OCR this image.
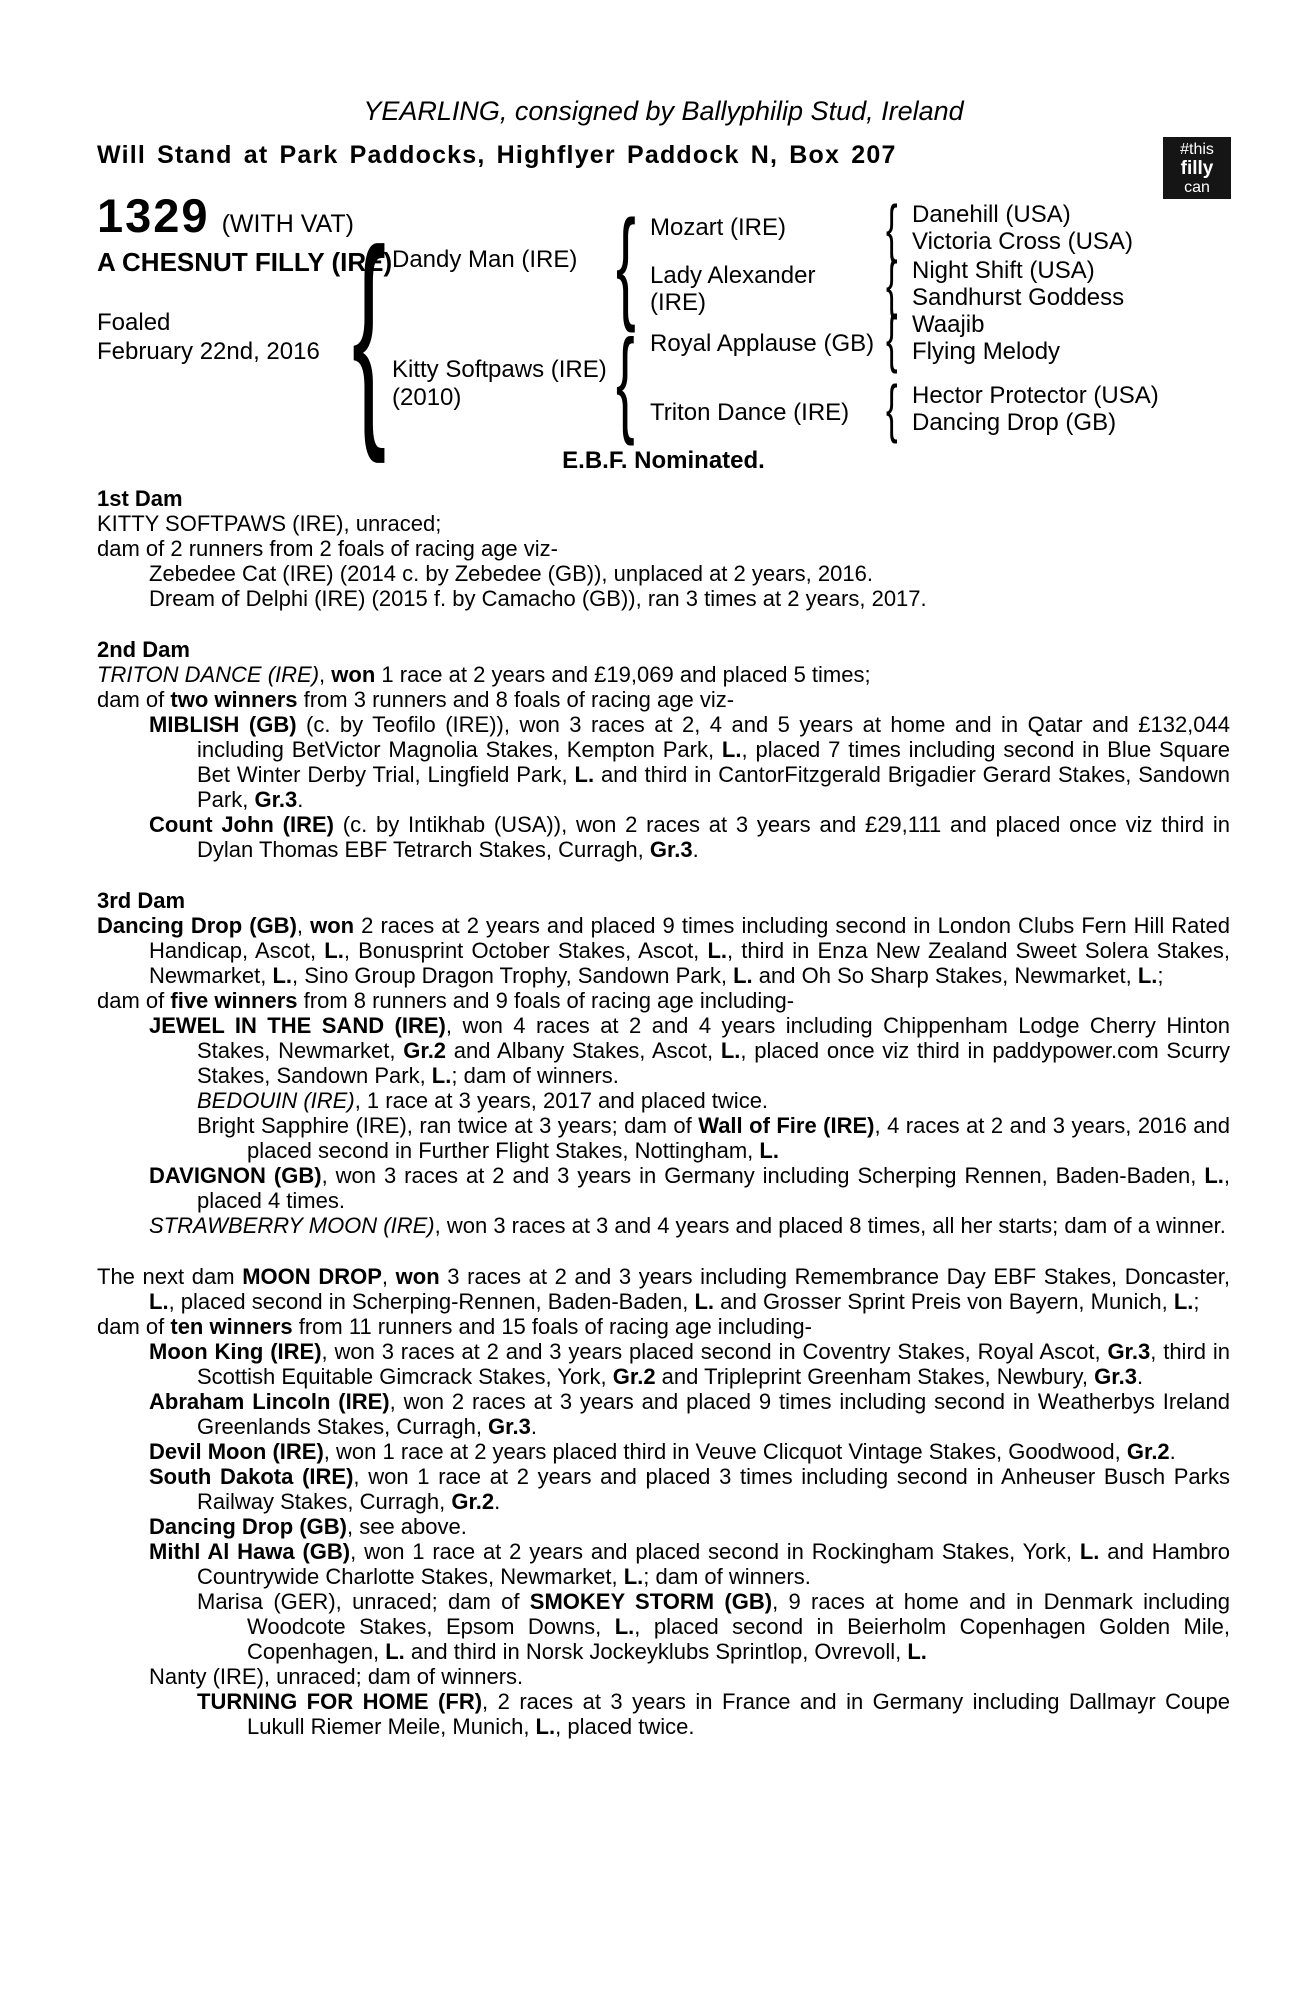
YEARLING, consigned by Ballyphilip Stud, Ireland
Will Stand at Park Paddocks, Highflyer Paddock N, Box 207	#this
filly
can
1329 (WITH VAT)
A CHESNUT FILLY (IRE)
Foaled
February 22nd, 2016 { Dandy Man (IRE)
Kitty Softpaws (IRE)
(2010)
{
{
Mozart (IRE)
Lady Alexander (IRE)
Royal Applause (GB)
Triton Dance (IRE)
{
{
{
{
Danehill (USA)
Victoria Cross (USA)
Night Shift (USA)
Sandhurst Goddess
Waajib
Flying Melody
Hector Protector (USA)
Dancing Drop (GB)
E.B.F. Nominated.
1st Dam

KITTY SOFTPAWS (IRE), unraced;

dam of 2 runners from 2 foals of racing age viz-

Zebedee Cat (IRE) (2014 c. by Zebedee (GB)), unplaced at 2 years, 2016.

Dream of Delphi (IRE) (2015 f. by Camacho (GB)), ran 3 times at 2 years, 2017.

2nd Dam

TRITON DANCE (IRE), won 1 race at 2 years and £19,069 and placed 5 times;

dam of two winners from 3 runners and 8 foals of racing age viz-

MIBLISH (GB) (c. by Teofilo (IRE)), won 3 races at 2, 4 and 5 years at home and in Qatar and £132,044 including BetVictor Magnolia Stakes, Kempton Park, L., placed 7 times including second in Blue Square Bet Winter Derby Trial, Lingfield Park, L. and third in CantorFitzgerald Brigadier Gerard Stakes, Sandown Park, Gr.3.

Count John (IRE) (c. by Intikhab (USA)), won 2 races at 3 years and £29,111 and placed once viz third in Dylan Thomas EBF Tetrarch Stakes, Curragh, Gr.3.

3rd Dam

Dancing Drop (GB), won 2 races at 2 years and placed 9 times including second in London Clubs Fern Hill Rated Handicap, Ascot, L., Bonusprint October Stakes, Ascot, L., third in Enza New Zealand Sweet Solera Stakes, Newmarket, L., Sino Group Dragon Trophy, Sandown Park, L. and Oh So Sharp Stakes, Newmarket, L.;

dam of five winners from 8 runners and 9 foals of racing age including-

JEWEL IN THE SAND (IRE), won 4 races at 2 and 4 years including Chippenham Lodge Cherry Hinton Stakes, Newmarket, Gr.2 and Albany Stakes, Ascot, L., placed once viz third in paddypower.com Scurry Stakes, Sandown Park, L.; dam of winners.

BEDOUIN (IRE), 1 race at 3 years, 2017 and placed twice.

Bright Sapphire (IRE), ran twice at 3 years; dam of Wall of Fire (IRE), 4 races at 2 and 3 years, 2016 and placed second in Further Flight Stakes, Nottingham, L.

DAVIGNON (GB), won 3 races at 2 and 3 years in Germany including Scherping Rennen, Baden-Baden, L., placed 4 times.

STRAWBERRY MOON (IRE), won 3 races at 3 and 4 years and placed 8 times, all her starts; dam of a winner.

The next dam MOON DROP, won 3 races at 2 and 3 years including Remembrance Day EBF Stakes, Doncaster, L., placed second in Scherping-Rennen, Baden-Baden, L. and Grosser Sprint Preis von Bayern, Munich, L.;

dam of ten winners from 11 runners and 15 foals of racing age including-

Moon King (IRE), won 3 races at 2 and 3 years placed second in Coventry Stakes, Royal Ascot, Gr.3, third in Scottish Equitable Gimcrack Stakes, York, Gr.2 and Tripleprint Greenham Stakes, Newbury, Gr.3.

Abraham Lincoln (IRE), won 2 races at 3 years and placed 9 times including second in Weatherbys Ireland Greenlands Stakes, Curragh, Gr.3.

Devil Moon (IRE), won 1 race at 2 years placed third in Veuve Clicquot Vintage Stakes, Goodwood, Gr.2.

South Dakota (IRE), won 1 race at 2 years and placed 3 times including second in Anheuser Busch Parks Railway Stakes, Curragh, Gr.2.

Dancing Drop (GB), see above.

Mithl Al Hawa (GB), won 1 race at 2 years and placed second in Rockingham Stakes, York, L. and Hambro Countrywide Charlotte Stakes, Newmarket, L.; dam of winners.

Marisa (GER), unraced; dam of SMOKEY STORM (GB), 9 races at home and in Denmark including Woodcote Stakes, Epsom Downs, L., placed second in Beierholm Copenhagen Golden Mile, Copenhagen, L. and third in Norsk Jockeyklubs Sprintlop, Ovrevoll, L.

Nanty (IRE), unraced; dam of winners.

TURNING FOR HOME (FR), 2 races at 3 years in France and in Germany including Dallmayr Coupe Lukull Riemer Meile, Munich, L., placed twice.
